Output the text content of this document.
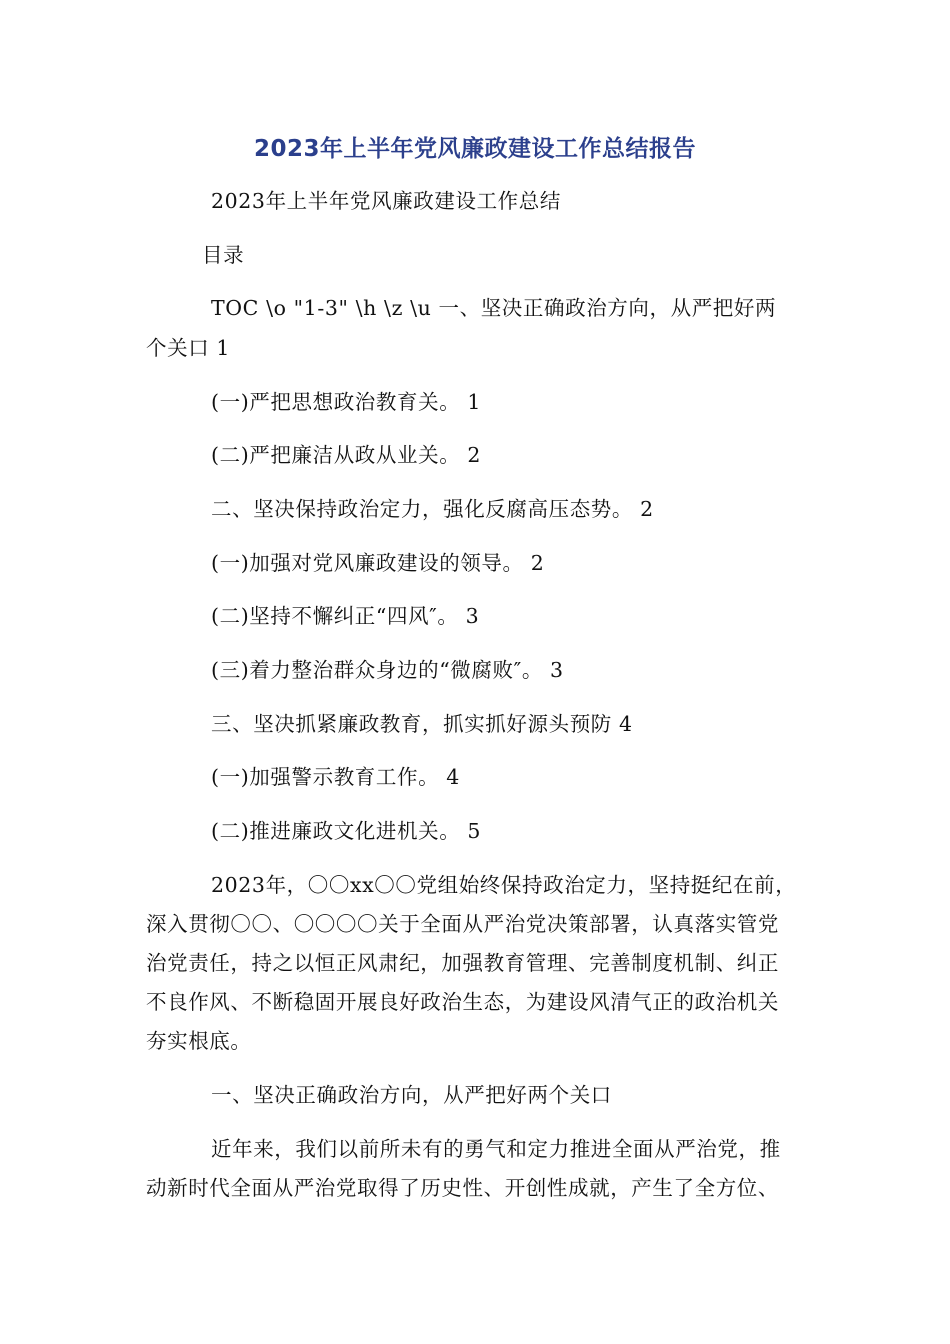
2023年上半年党风廉政建设工作总结报告
2023年上半年党风廉政建设工作总结
目录
TOC \o "1-3" \h \z \u 一、坚决正确政治方向，从严把好两
个关口 1
(一)严把思想政治教育关。 1
(二)严把廉洁从政从业关。 2
二、坚决保持政治定力，强化反腐高压态势。 2
(一)加强对党风廉政建设的领导。 2
(二)坚持不懈纠正“四风″。 3
(三)着力整治群众身边的“微腐败″。 3
三、坚决抓紧廉政教育，抓实抓好源头预防 4
(一)加强警示教育工作。 4
(二)推进廉政文化进机关。 5
2023年，〇〇xx〇〇党组始终保持政治定力，坚持挺纪在前，
深入贯彻〇〇、〇〇〇〇关于全面从严治党决策部署，认真落实管党
治党责任，持之以恒正风肃纪，加强教育管理、完善制度机制、纠正
不良作风、不断稳固开展良好政治生态，为建设风清气正的政治机关
夯实根底。
一、坚决正确政治方向，从严把好两个关口
近年来，我们以前所未有的勇气和定力推进全面从严治党，推
动新时代全面从严治党取得了历史性、开创性成就，产生了全方位、
